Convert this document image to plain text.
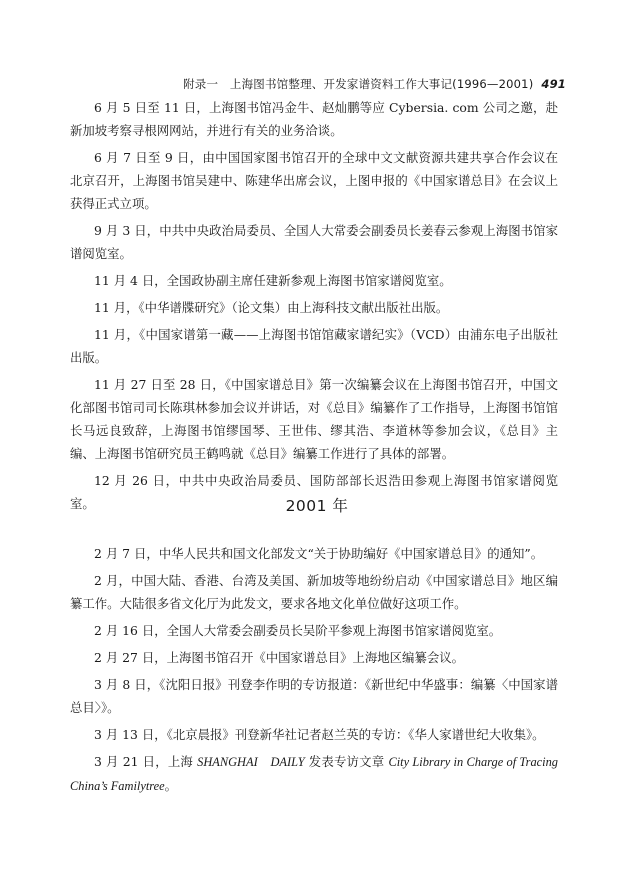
附录一　上海图书馆整理、开发家谱资料工作大事记(1996—2001) 491

6 月 5 日至 11 日，上海图书馆冯金牛、赵灿鹏等应 Cybersia. com 公司之邀，赴新加坡考察寻根网网站，并进行有关的业务洽谈。

6 月 7 日至 9 日，由中国国家图书馆召开的全球中文文献资源共建共享合作会议在北京召开，上海图书馆吴建中、陈建华出席会议，上图申报的《中国家谱总目》在会议上获得正式立项。

9 月 3 日，中共中央政治局委员、全国人大常委会副委员长姜春云参观上海图书馆家谱阅览室。

11 月 4 日，全国政协副主席任建新参观上海图书馆家谱阅览室。

11 月，《中华谱牒研究》（论文集）由上海科技文献出版社出版。

11 月，《中国家谱第一藏——上海图书馆馆藏家谱纪实》（VCD）由浦东电子出版社出版。

11 月 27 日至 28 日，《中国家谱总目》第一次编纂会议在上海图书馆召开，中国文化部图书馆司司长陈琪林参加会议并讲话，对《总目》编纂作了工作指导，上海图书馆馆长马远良致辞，上海图书馆缪国琴、王世伟、缪其浩、李道林等参加会议，《总目》主编、上海图书馆研究员王鹤鸣就《总目》编纂工作进行了具体的部署。

12 月 26 日，中共中央政治局委员、国防部部长迟浩田参观上海图书馆家谱阅览室。	2001 年

2 月 7 日，中华人民共和国文化部发文“关于协助编好《中国家谱总目》的通知”。

2 月，中国大陆、香港、台湾及美国、新加坡等地纷纷启动《中国家谱总目》地区编纂工作。大陆很多省文化厅为此发文，要求各地文化单位做好这项工作。

2 月 16 日，全国人大常委会副委员长吴阶平参观上海图书馆家谱阅览室。

2 月 27 日，上海图书馆召开《中国家谱总目》上海地区编纂会议。

3 月 8 日，《沈阳日报》刊登李作明的专访报道：《新世纪中华盛事：编纂〈中国家谱总目〉》。

3 月 13 日，《北京晨报》刊登新华社记者赵兰英的专访：《华人家谱世纪大收集》。

3 月 21 日，上海 SHANGHAI　DAILY 发表专访文章 City Library in Charge of Tracing China’s Familytree。
